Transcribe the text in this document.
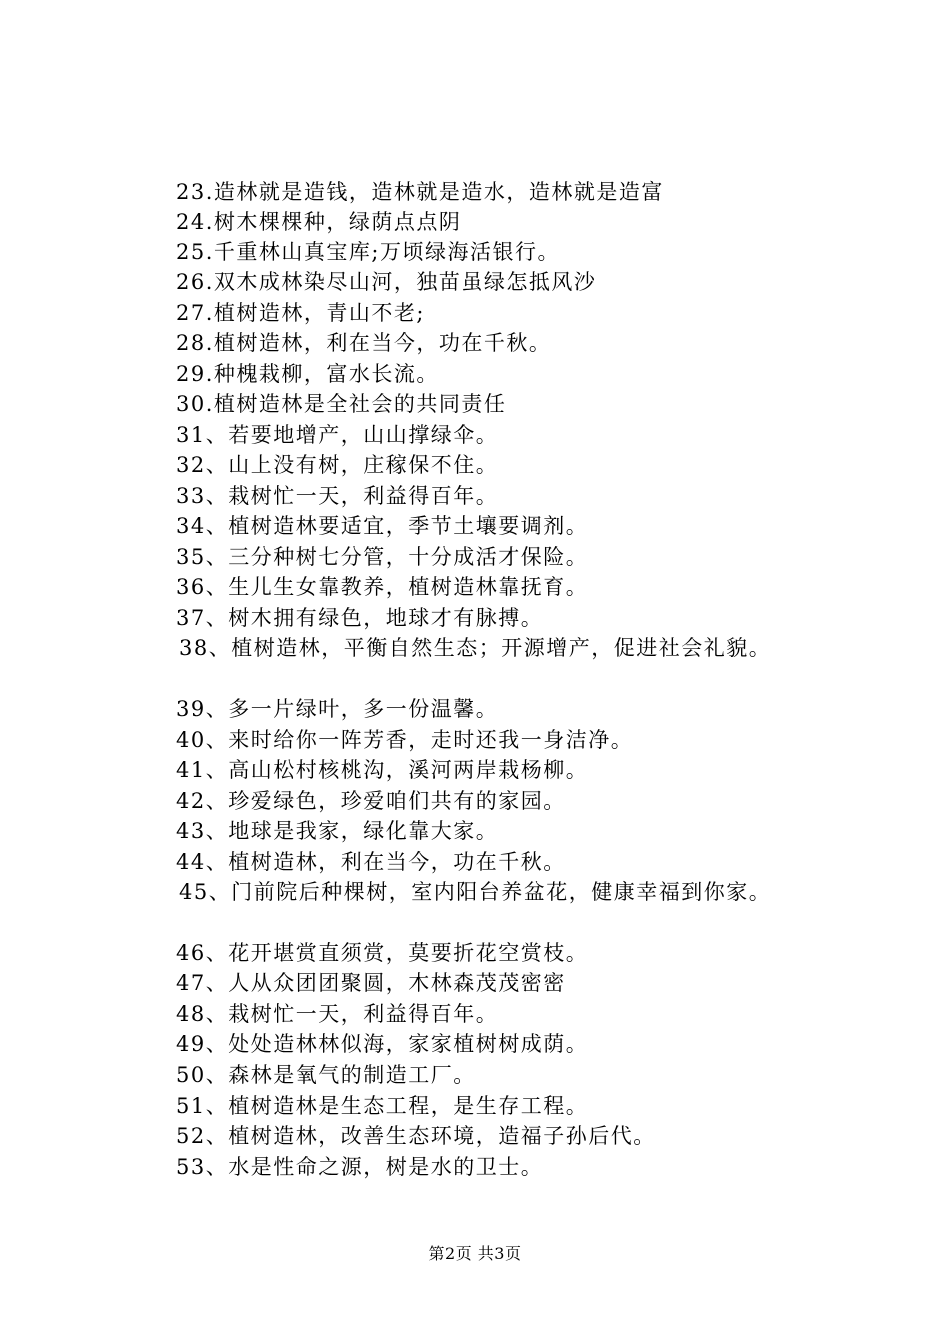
23.造林就是造钱，造林就是造水，造林就是造富
24.树木棵棵种，绿荫点点阴
25.千重林山真宝库;万顷绿海活银行。
26.双木成林染尽山河，独苗虽绿怎抵风沙
27.植树造林，青山不老;
28.植树造林，利在当今，功在千秋。
29.种槐栽柳，富水长流。
30.植树造林是全社会的共同责任
31、若要地增产，山山撑绿伞。
32、山上没有树，庄稼保不住。
33、栽树忙一天，利益得百年。
34、植树造林要适宜，季节土壤要调剂。
35、三分种树七分管，十分成活才保险。
36、生儿生女靠教养，植树造林靠抚育。
37、树木拥有绿色，地球才有脉搏。
38、植树造林，平衡自然生态；开源增产，促进社会礼貌。
39、多一片绿叶，多一份温馨。
40、来时给你一阵芳香，走时还我一身洁净。
41、高山松村核桃沟，溪河两岸栽杨柳。
42、珍爱绿色，珍爱咱们共有的家园。
43、地球是我家，绿化靠大家。
44、植树造林，利在当今，功在千秋。
45、门前院后种棵树，室内阳台养盆花，健康幸福到你家。
46、花开堪赏直须赏，莫要折花空赏枝。
47、人从众团团聚圆，木林森茂茂密密
48、栽树忙一天，利益得百年。
49、处处造林林似海，家家植树树成荫。
50、森林是氧气的制造工厂。
51、植树造林是生态工程，是生存工程。
52、植树造林，改善生态环境，造福子孙后代。
53、水是性命之源，树是水的卫士。
第2页 共3页
